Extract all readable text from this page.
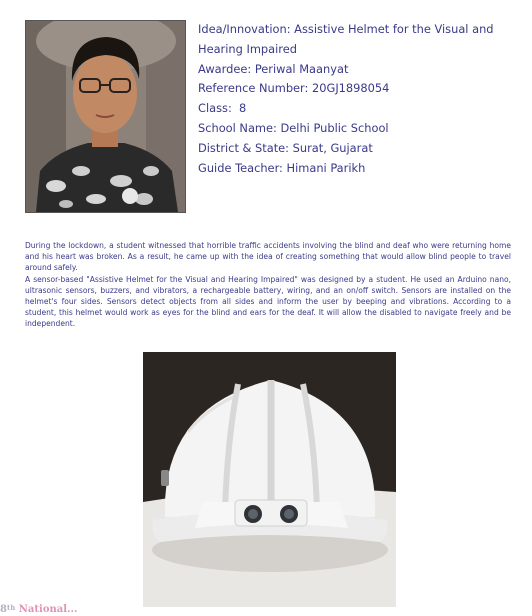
Idea/Innovation: Assistive Helmet for the Visual and
Hearing Impaired
Awardee: Periwal Maanyat
Reference Number: 20GJ1898054
Class:  8
School Name: Delhi Public School
District & State: Surat, Gujarat
Guide Teacher: Himani Parikh

During the lockdown, a student witnessed that horrible traffic accidents involving the blind and deaf who were returning home and his heart was broken. As a result, he came up with the idea of creating something that would allow blind people to travel around safely.

A sensor-based "Assistive Helmet for the Visual and Hearing Impaired" was designed by a student. He used an Arduino nano, ultrasonic sensors, buzzers, and vibrators, a rechargeable battery, wiring, and an on/off switch. Sensors are installed on the helmet's four sides. Sensors detect objects from all sides and inform the user by beeping and vibrations. According to a student, this helmet would work as eyes for the blind and ears for the deaf. It will allow the disabled to navigate freely and be independent.

8th National...
